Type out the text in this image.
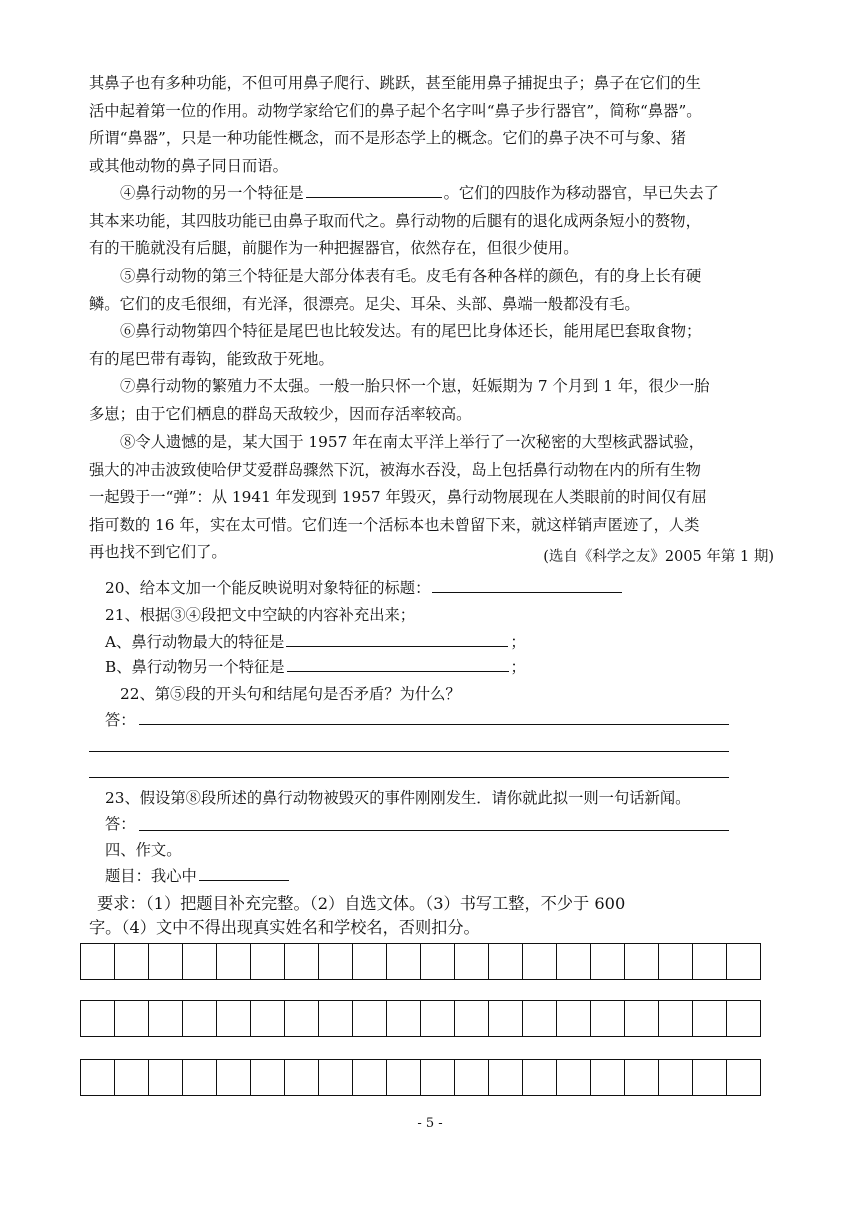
其鼻子也有多种功能，不但可用鼻子爬行、跳跃，甚至能用鼻子捕捉虫子；鼻子在它们的生
活中起着第一位的作用。动物学家给它们的鼻子起个名字叫“鼻子步行器官”，简称“鼻器”。
所谓“鼻器”，只是一种功能性概念，而不是形态学上的概念。它们的鼻子决不可与象、猪
或其他动物的鼻子同日而语。
④鼻行动物的另一个特征是	。它们的四肢作为移动器官，早已失去了
其本来功能，其四肢功能已由鼻子取而代之。鼻行动物的后腿有的退化成两条短小的赘物，
有的干脆就没有后腿，前腿作为一种把握器官，依然存在，但很少使用。
⑤鼻行动物的第三个特征是大部分体表有毛。皮毛有各种各样的颜色，有的身上长有硬
鳞。它们的皮毛很细，有光泽，很漂亮。足尖、耳朵、头部、鼻端一般都没有毛。
⑥鼻行动物第四个特征是尾巴也比较发达。有的尾巴比身体还长，能用尾巴套取食物；
有的尾巴带有毒钩，能致敌于死地。
⑦鼻行动物的繁殖力不太强。一般一胎只怀一个崽，妊娠期为 7 个月到 1 年，很少一胎
多崽；由于它们栖息的群岛天敌较少，因而存活率较高。
⑧令人遗憾的是，某大国于 1957 年在南太平洋上举行了一次秘密的大型核武器试验，
强大的冲击波致使哈伊艾爱群岛骤然下沉，被海水吞没，岛上包括鼻行动物在内的所有生物
一起毁于一“弹”：从 1941 年发现到 1957 年毁灭，鼻行动物展现在人类眼前的时间仅有屈
指可数的 16 年，实在太可惜。它们连一个活标本也未曾留下来，就这样销声匿迹了，人类
再也找不到它们了。	(选自《科学之友》2005 年第 1 期)
20、给本文加一个能反映说明对象特征的标题：
21、根据③④段把文中空缺的内容补充出来；
A、鼻行动物最大的特征是	；
B、鼻行动物另一个特征是	；
22、第⑤段的开头句和结尾句是否矛盾？为什么？
答：
23、假设第⑧段所述的鼻行动物被毁灭的事件刚刚发生．请你就此拟一则一句话新闻。
答：
四、作文。
题目：我心中
要求：（1）把题目补充完整。（2）自选文体。（3）书写工整，不少于 600
字。（4）文中不得出现真实姓名和学校名，否则扣分。

- 5 -
